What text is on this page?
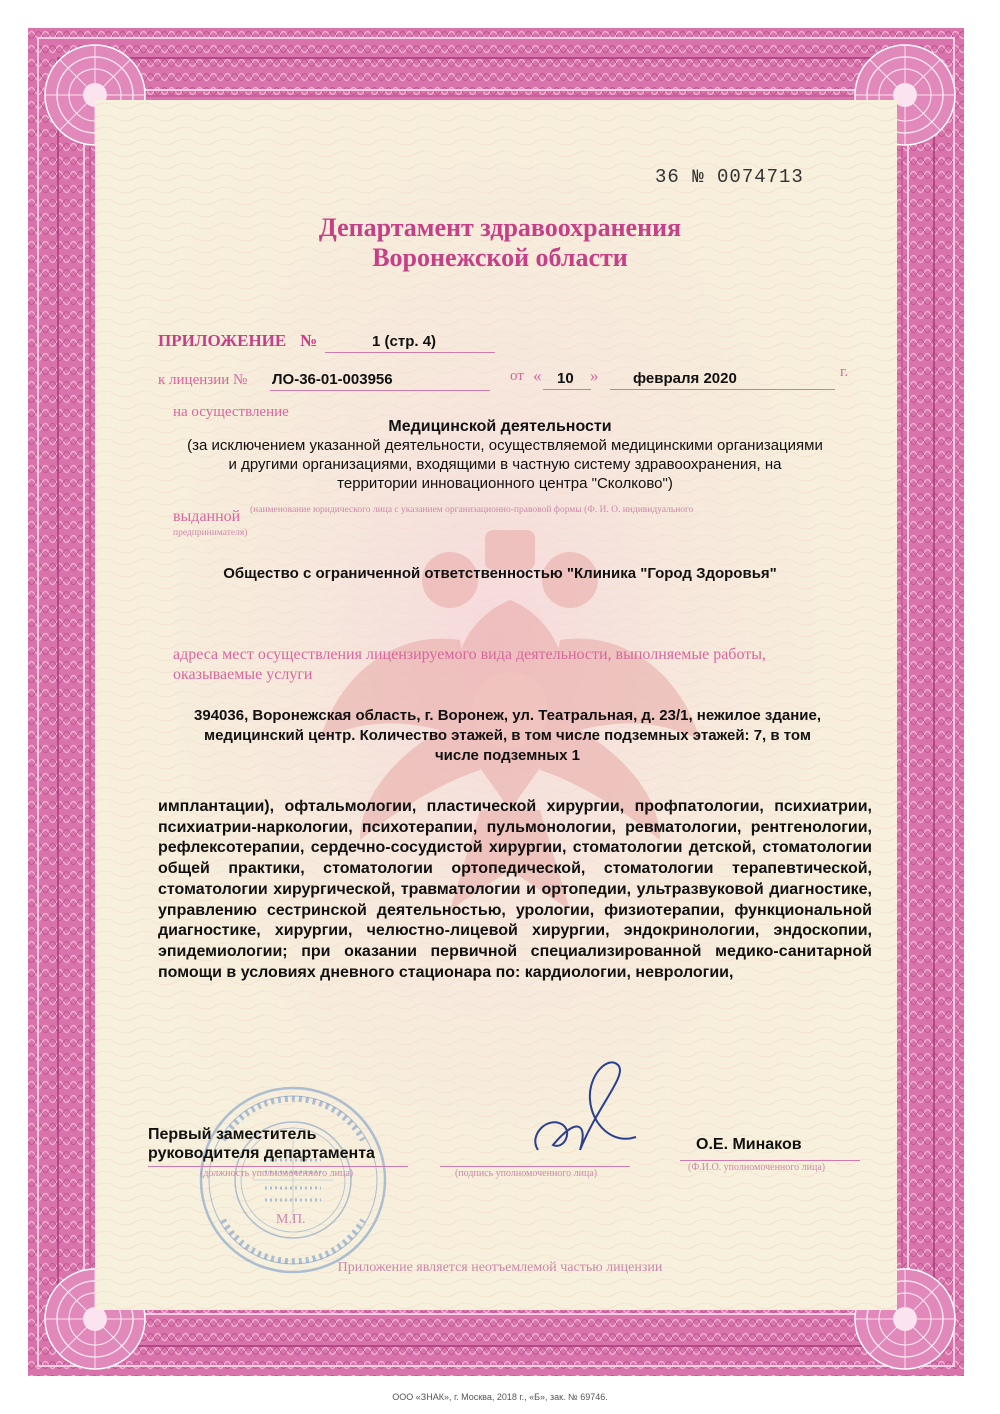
36 № 0074713
Департамент здравоохранения
Воронежской области
ПРИЛОЖЕНИЕ №	1 (стр. 4)
к лицензии № ЛО-36-01-003956	от « 10 » февраля 2020	г.
на осуществление
Медицинской деятельности
(за исключением указанной деятельности, осуществляемой медицинскими организациями
и другими организациями, входящими в частную систему здравоохранения, на
территории инновационного центра "Сколково")
выданной (наименование юридического лица с указанием организационно-правовой формы (Ф. И. О. индивидуального
предпринимателя)
Общество с ограниченной ответственностью "Клиника "Город Здоровья"
адреса мест осуществления лицензируемого вида деятельности, выполняемые работы,
оказываемые услуги
394036, Воронежская область, г. Воронеж, ул. Театральная, д. 23/1, нежилое здание,
медицинский центр. Количество этажей, в том числе подземных этажей: 7, в том
числе подземных 1

имплантации), офтальмологии, пластической хирургии, профпатологии, психиатрии, психиатрии-наркологии, психотерапии, пульмонологии, ревматологии, рентгенологии, рефлексотерапии, сердечно-сосудистой хирургии, стоматологии детской, стоматологии общей практики, стоматологии ортопедической, стоматологии терапевтической, стоматологии хирургической, травматологии и ортопедии, ультразвуковой диагностике, управлению сестринской деятельностью, урологии, физиотерапии, функциональной диагностике, хирургии, челюстно-лицевой хирургии, эндокринологии, эндоскопии, эпидемиологии; при оказании первичной специализированной медико-санитарной помощи в условиях дневного стационара по: кардиологии, неврологии,

Первый заместитель
руководителя департамента
(должность уполномоченного лица)	(подпись уполномоченного лица)
О.Е. Минаков
(Ф.И.О. уполномоченного лица)
М.П.
Приложение является неотъемлемой частью лицензии
ООО «ЗНАК», г. Москва, 2018 г., «Б», зак. № 69746.
